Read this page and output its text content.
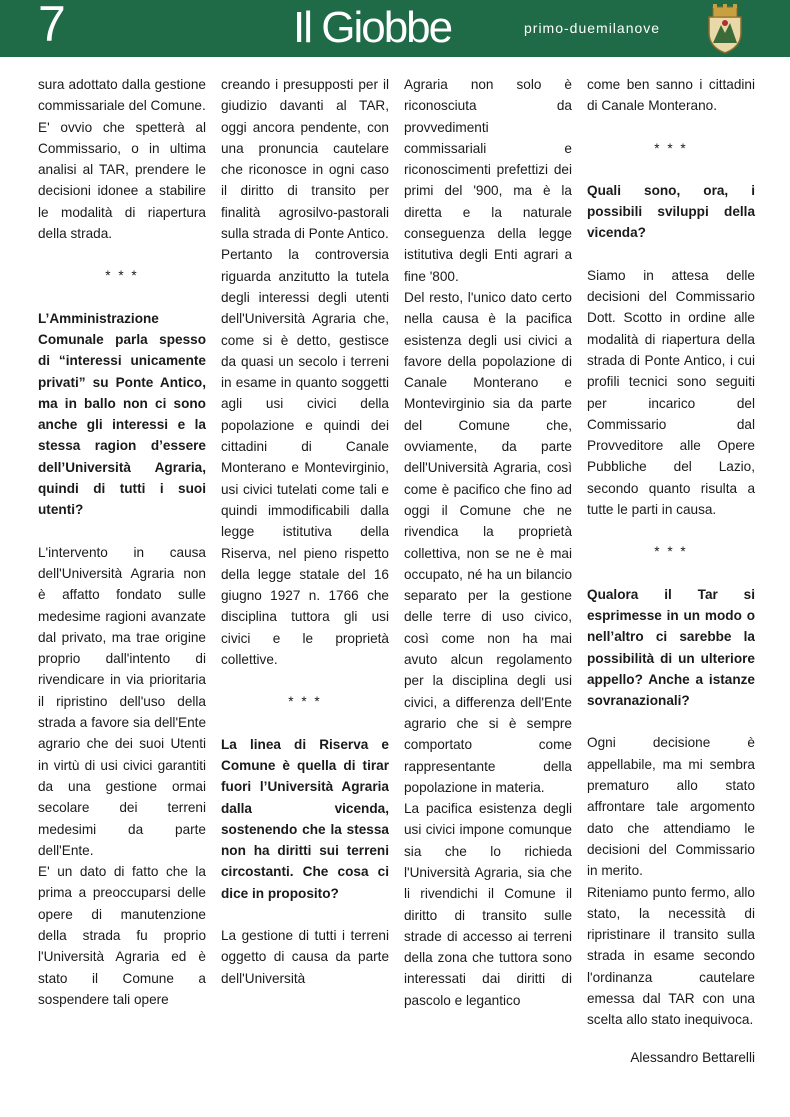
7	Il Giobbe	primo-duemilanove

sura adottato dalla gestione commissariale del Comune.

E' ovvio che spetterà al Commissario, o in ultima analisi al TAR, prendere le decisioni idonee a stabilire le modalità di riapertura della strada.

* * *

L’Amministrazione Comunale parla spesso di “interessi unicamente privati” su Ponte Antico, ma in ballo non ci sono anche gli interessi e la stessa ragion d’essere dell’Università Agraria, quindi di tutti i suoi utenti?

L'intervento in causa dell'Università Agraria non è affatto fondato sulle medesime ragioni avanzate dal privato, ma trae origine proprio dall'intento di rivendicare in via prioritaria il ripristino dell'uso della strada a favore sia dell'Ente agrario che dei suoi Utenti in virtù di usi civici garantiti da una gestione ormai secolare dei terreni medesimi da parte dell'Ente.

E' un dato di fatto che la prima a preoccuparsi delle opere di manutenzione della strada fu proprio l'Università Agraria ed è stato il Comune a sospendere tali opere

creando i presupposti per il giudizio davanti al TAR, oggi ancora pendente, con una pronuncia cautelare che riconosce in ogni caso il diritto di transito per finalità agrosilvo-pastorali sulla strada di Ponte Antico.

Pertanto la controversia riguarda anzitutto la tutela degli interessi degli utenti dell'Università Agraria che, come si è detto, gestisce da quasi un secolo i terreni in esame in quanto soggetti agli usi civici della popolazione e quindi dei cittadini di Canale Monterano e Montevirginio, usi civici tutelati come tali e quindi immodificabili dalla legge istitutiva della Riserva, nel pieno rispetto della legge statale del 16 giugno 1927 n. 1766 che disciplina tuttora gli usi civici e le proprietà collettive.

* * *

La linea di Riserva e Comune è quella di tirar fuori l’Università Agraria dalla vicenda, sostenendo che la stessa non ha diritti sui terreni circostanti. Che cosa ci dice in proposito?

La gestione di tutti i terreni oggetto di causa da parte dell'Università

Agraria non solo è riconosciuta da provvedimenti commissariali e riconoscimenti prefettizi dei primi del '900, ma è la diretta e la naturale conseguenza della legge istitutiva degli Enti agrari a fine '800.

Del resto, l'unico dato certo nella causa è la pacifica esistenza degli usi civici a favore della popolazione di Canale Monterano e Montevirginio sia da parte del Comune che, ovviamente, da parte dell'Università Agraria, così come è pacifico che fino ad oggi il Comune che ne rivendica la proprietà collettiva, non se ne è mai occupato, né ha un bilancio separato per la gestione delle terre di uso civico, così come non ha mai avuto alcun regolamento per la disciplina degli usi civici, a differenza dell'Ente agrario che si è sempre comportato come rappresentante della popolazione in materia.

La pacifica esistenza degli usi civici impone comunque sia che lo richieda l'Università Agraria, sia che li rivendichi il Comune il diritto di transito sulle strade di accesso ai terreni della zona che tuttora sono interessati dai diritti di pascolo e legantico

come ben sanno i cittadini di Canale Monterano.

* * *

Quali sono, ora, i possibili sviluppi della vicenda?

Siamo in attesa delle decisioni del Commissario Dott. Scotto in ordine alle modalità di riapertura della strada di Ponte Antico, i cui profili tecnici sono seguiti per incarico del Commissario dal Provveditore alle Opere Pubbliche del Lazio, secondo quanto risulta a tutte le parti in causa.

* * *

Qualora il Tar si esprimesse in un modo o nell’altro ci sarebbe la possibilità di un ulteriore appello? Anche a istanze sovranazionali?

Ogni decisione è appellabile, ma mi sembra prematuro allo stato affrontare tale argomento dato che attendiamo le decisioni del Commissario in merito.

Riteniamo punto fermo, allo stato, la necessità di ripristinare il transito sulla strada in esame secondo l'ordinanza cautelare emessa dal TAR con una scelta allo stato inequivoca.

Alessandro Bettarelli
